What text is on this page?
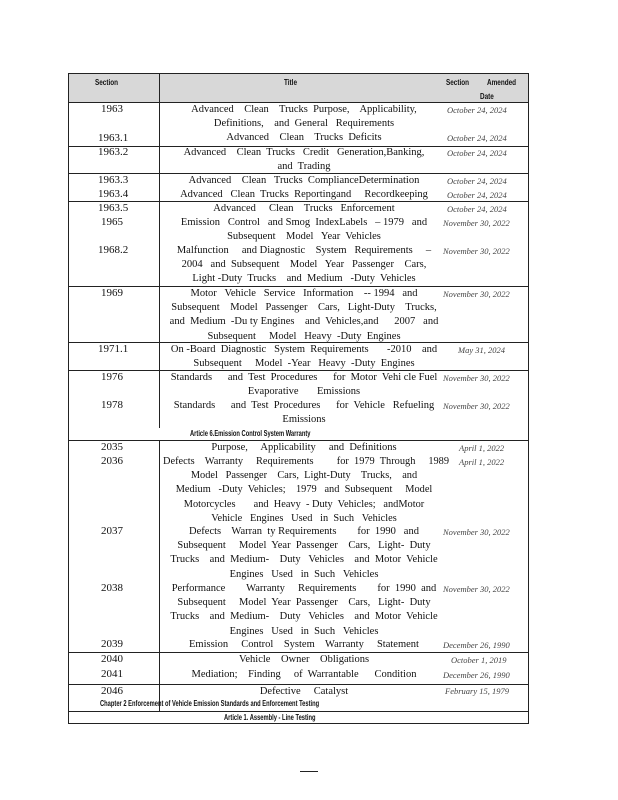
Section	Title	Section Amended
Date
1963
1963.1
1963.2
1963.3
1963.4
1963.5
1965
1968.2
1969
1971.1
1976
1978
2035
2036
2037
2038
2039
2040
2041
2046
Advanced    Clean    Trucks  Purpose,    Applicability,
Definitions,    and  General   Requirements
Advanced    Clean    Trucks  Deficits
Advanced    Clean  Trucks   Credit   Generation,Banking,
and  Trading
Advanced    Clean   Trucks  ComplianceDetermination
Advanced   Clean  Trucks  Reportingand     Recordkeeping
Advanced     Clean    Trucks   Enforcement
Emission   Control   and Smog  IndexLabels   – 1979   and
Subsequent    Model   Year  Vehicles
Malfunction     and Diagnostic    System   Requirements     –
2004   and  Subsequent    Model   Year   Passenger    Cars,
Light -Duty  Trucks    and  Medium   -Duty  Vehicles
Motor   Vehicle   Service   Information    -- 1994   and
Subsequent    Model   Passenger    Cars,   Light-Duty    Trucks,
and  Medium  -Du ty Engines    and  Vehicles,and      2007   and
Subsequent     Model   Heavy  -Duty  Engines
On -Board  Diagnostic   System  Requirements       -2010    and
Subsequent     Model  -Year   Heavy  -Duty  Engines
Standards      and  Test  Procedures      for  Motor  Vehi cle Fuel
Evaporative       Emissions
Standards      and  Test  Procedures      for  Vehicle   Refueling
Emissions
Purpose,     Applicability     and  Definitions
Defects    Warranty     Requirements         for  1979  Through     1989
Model   Passenger    Cars,  Light-Duty    Trucks,    and
Medium   -Duty  Vehicles;    1979   and  Subsequent     Model
Motorcycles       and  Heavy  - Duty  Vehicles;   andMotor
Vehicle   Engines   Used   in  Such   Vehicles
Defects    Warran  ty Requirements        for  1990   and
Subsequent     Model  Year  Passenger    Cars,   Light-  Duty
Trucks    and  Medium-    Duty   Vehicles    and  Motor  Vehicle
Engines   Used   in  Such   Vehicles
Performance        Warranty     Requirements        for  1990  and
Subsequent     Model  Year  Passenger    Cars,   Light-  Duty
Trucks    and  Medium-    Duty   Vehicles    and  Motor  Vehicle
Engines   Used   in  Such   Vehicles
Emission     Control    System    Warranty     Statement
Vehicle    Owner    Obligations
Mediation;    Finding     of  Warrantable      Condition
Defective     Catalyst
October 24, 2024
October 24, 2024
October 24, 2024
October 24, 2024
October 24, 2024
October 24, 2024
November 30, 2022
November 30, 2022
November 30, 2022
May 31, 2024
November 30, 2022
November 30, 2022
April 1, 2022
April 1, 2022
November 30, 2022
November 30, 2022
December 26, 1990
October 1, 2019
December 26, 1990
February 15, 1979
Article 6.Emission Control System Warranty
Chapter 2 Enforcement of Vehicle Emission Standards and Enforcement Testing
Article 1. Assembly - Line Testing
